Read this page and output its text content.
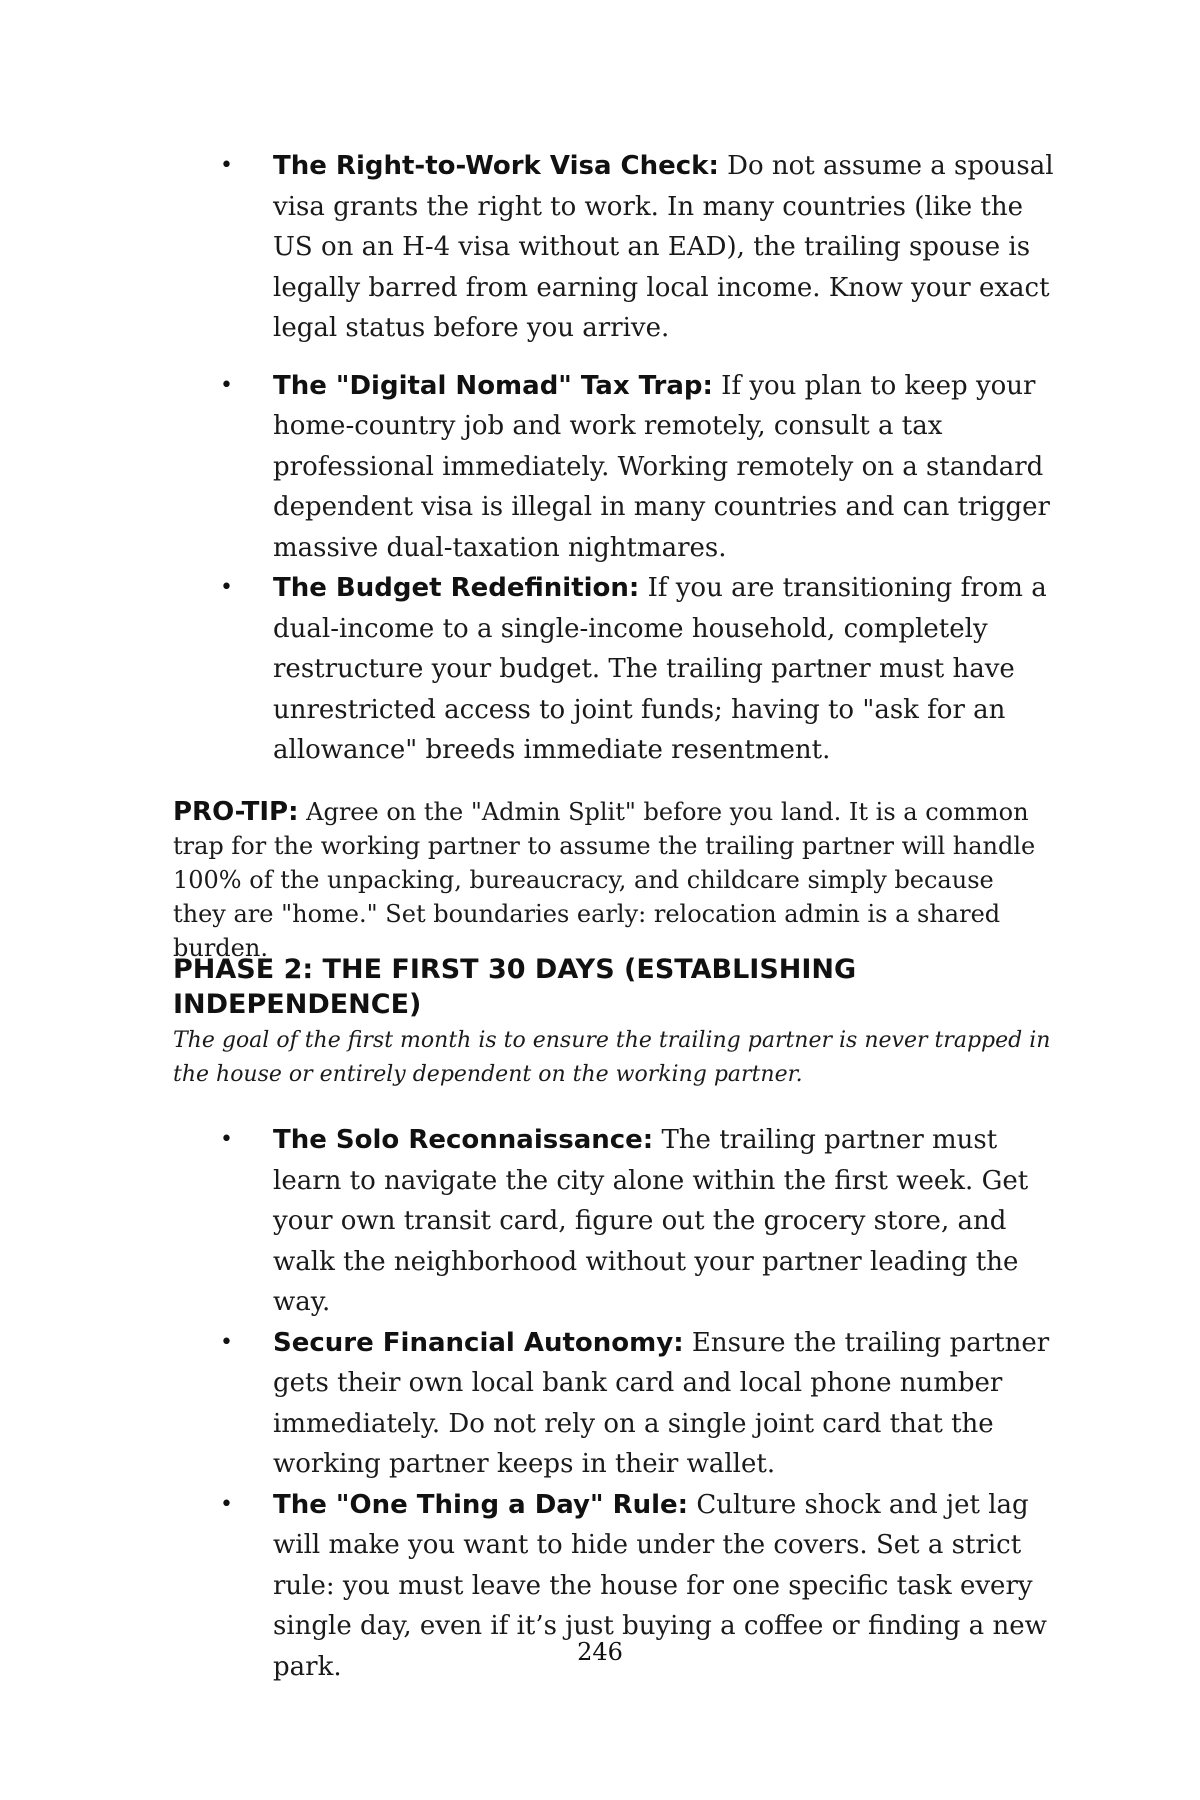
• The Right-to-Work Visa Check: Do not assume a spousal visa grants the right to work. In many countries (like the US on an H-4 visa without an EAD), the trailing spouse is legally barred from earning local income. Know your exact legal status before you arrive.
• The "Digital Nomad" Tax Trap: If you plan to keep your home-country job and work remotely, consult a tax professional immediately. Working remotely on a standard dependent visa is illegal in many countries and can trigger massive dual-taxation nightmares.
• The Budget Redefinition: If you are transitioning from a dual-income to a single-income household, completely restructure your budget. The trailing partner must have unrestricted access to joint funds; having to "ask for an allowance" breeds immediate resentment.

PRO-TIP: Agree on the "Admin Split" before you land. It is a common trap for the working partner to assume the trailing partner will handle 100% of the unpacking, bureaucracy, and childcare simply because they are "home." Set boundaries early: relocation admin is a shared burden.

PHASE 2: THE FIRST 30 DAYS (ESTABLISHING INDEPENDENCE)

The goal of the first month is to ensure the trailing partner is never trapped in the house or entirely dependent on the working partner.

• The Solo Reconnaissance: The trailing partner must learn to navigate the city alone within the first week. Get your own transit card, figure out the grocery store, and walk the neighborhood without your partner leading the way.
• Secure Financial Autonomy: Ensure the trailing partner gets their own local bank card and local phone number immediately. Do not rely on a single joint card that the working partner keeps in their wallet.
• The "One Thing a Day" Rule: Culture shock and jet lag will make you want to hide under the covers. Set a strict rule: you must leave the house for one specific task every single day, even if it’s just buying a coffee or finding a new park.	246
